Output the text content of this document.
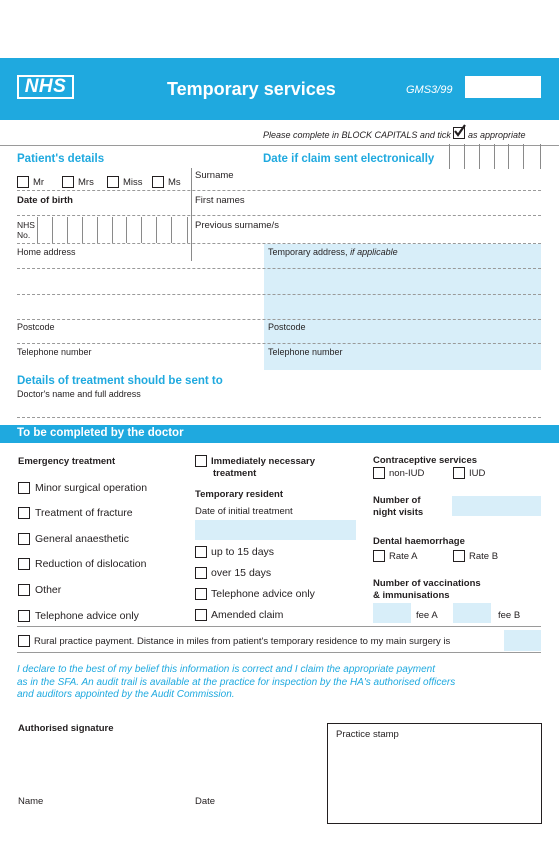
NHS	Temporary services	GMS3/99
Please complete in BLOCK CAPITALS and tick as appropriate
Patient's details	Date if claim sent electronically
Mr	Mrs	Miss	Ms
Surname
Date of birth	First names
NHS
No.
Previous surname/s
Home address	Temporary address, if applicable
Postcode	Postcode
Telephone number	Telephone number
Details of treatment should be sent to
Doctor's name and full address
To be completed by the doctor
Emergency treatment
Minor surgical operation
Treatment of fracture
General anaesthetic
Reduction of dislocation
Other
Telephone advice only
Immediately necessary
treatment
Temporary resident
Date of initial treatment
up to 15 days
over 15 days
Telephone advice only
Amended claim
Contraceptive services
non-IUD	IUD
Number of
night visits
Dental haemorrhage
Rate A	Rate B
Number of vaccinations
& immunisations
fee A	fee B
Rural practice payment. Distance in miles from patient's temporary residence to my main surgery is
I declare to the best of my belief this information is correct and I claim the appropriate payment
as in the SFA. An audit trail is available at the practice for inspection by the HA's authorised officers
and auditors appointed by the Audit Commission.
Authorised signature
Practice stamp
Name	Date
